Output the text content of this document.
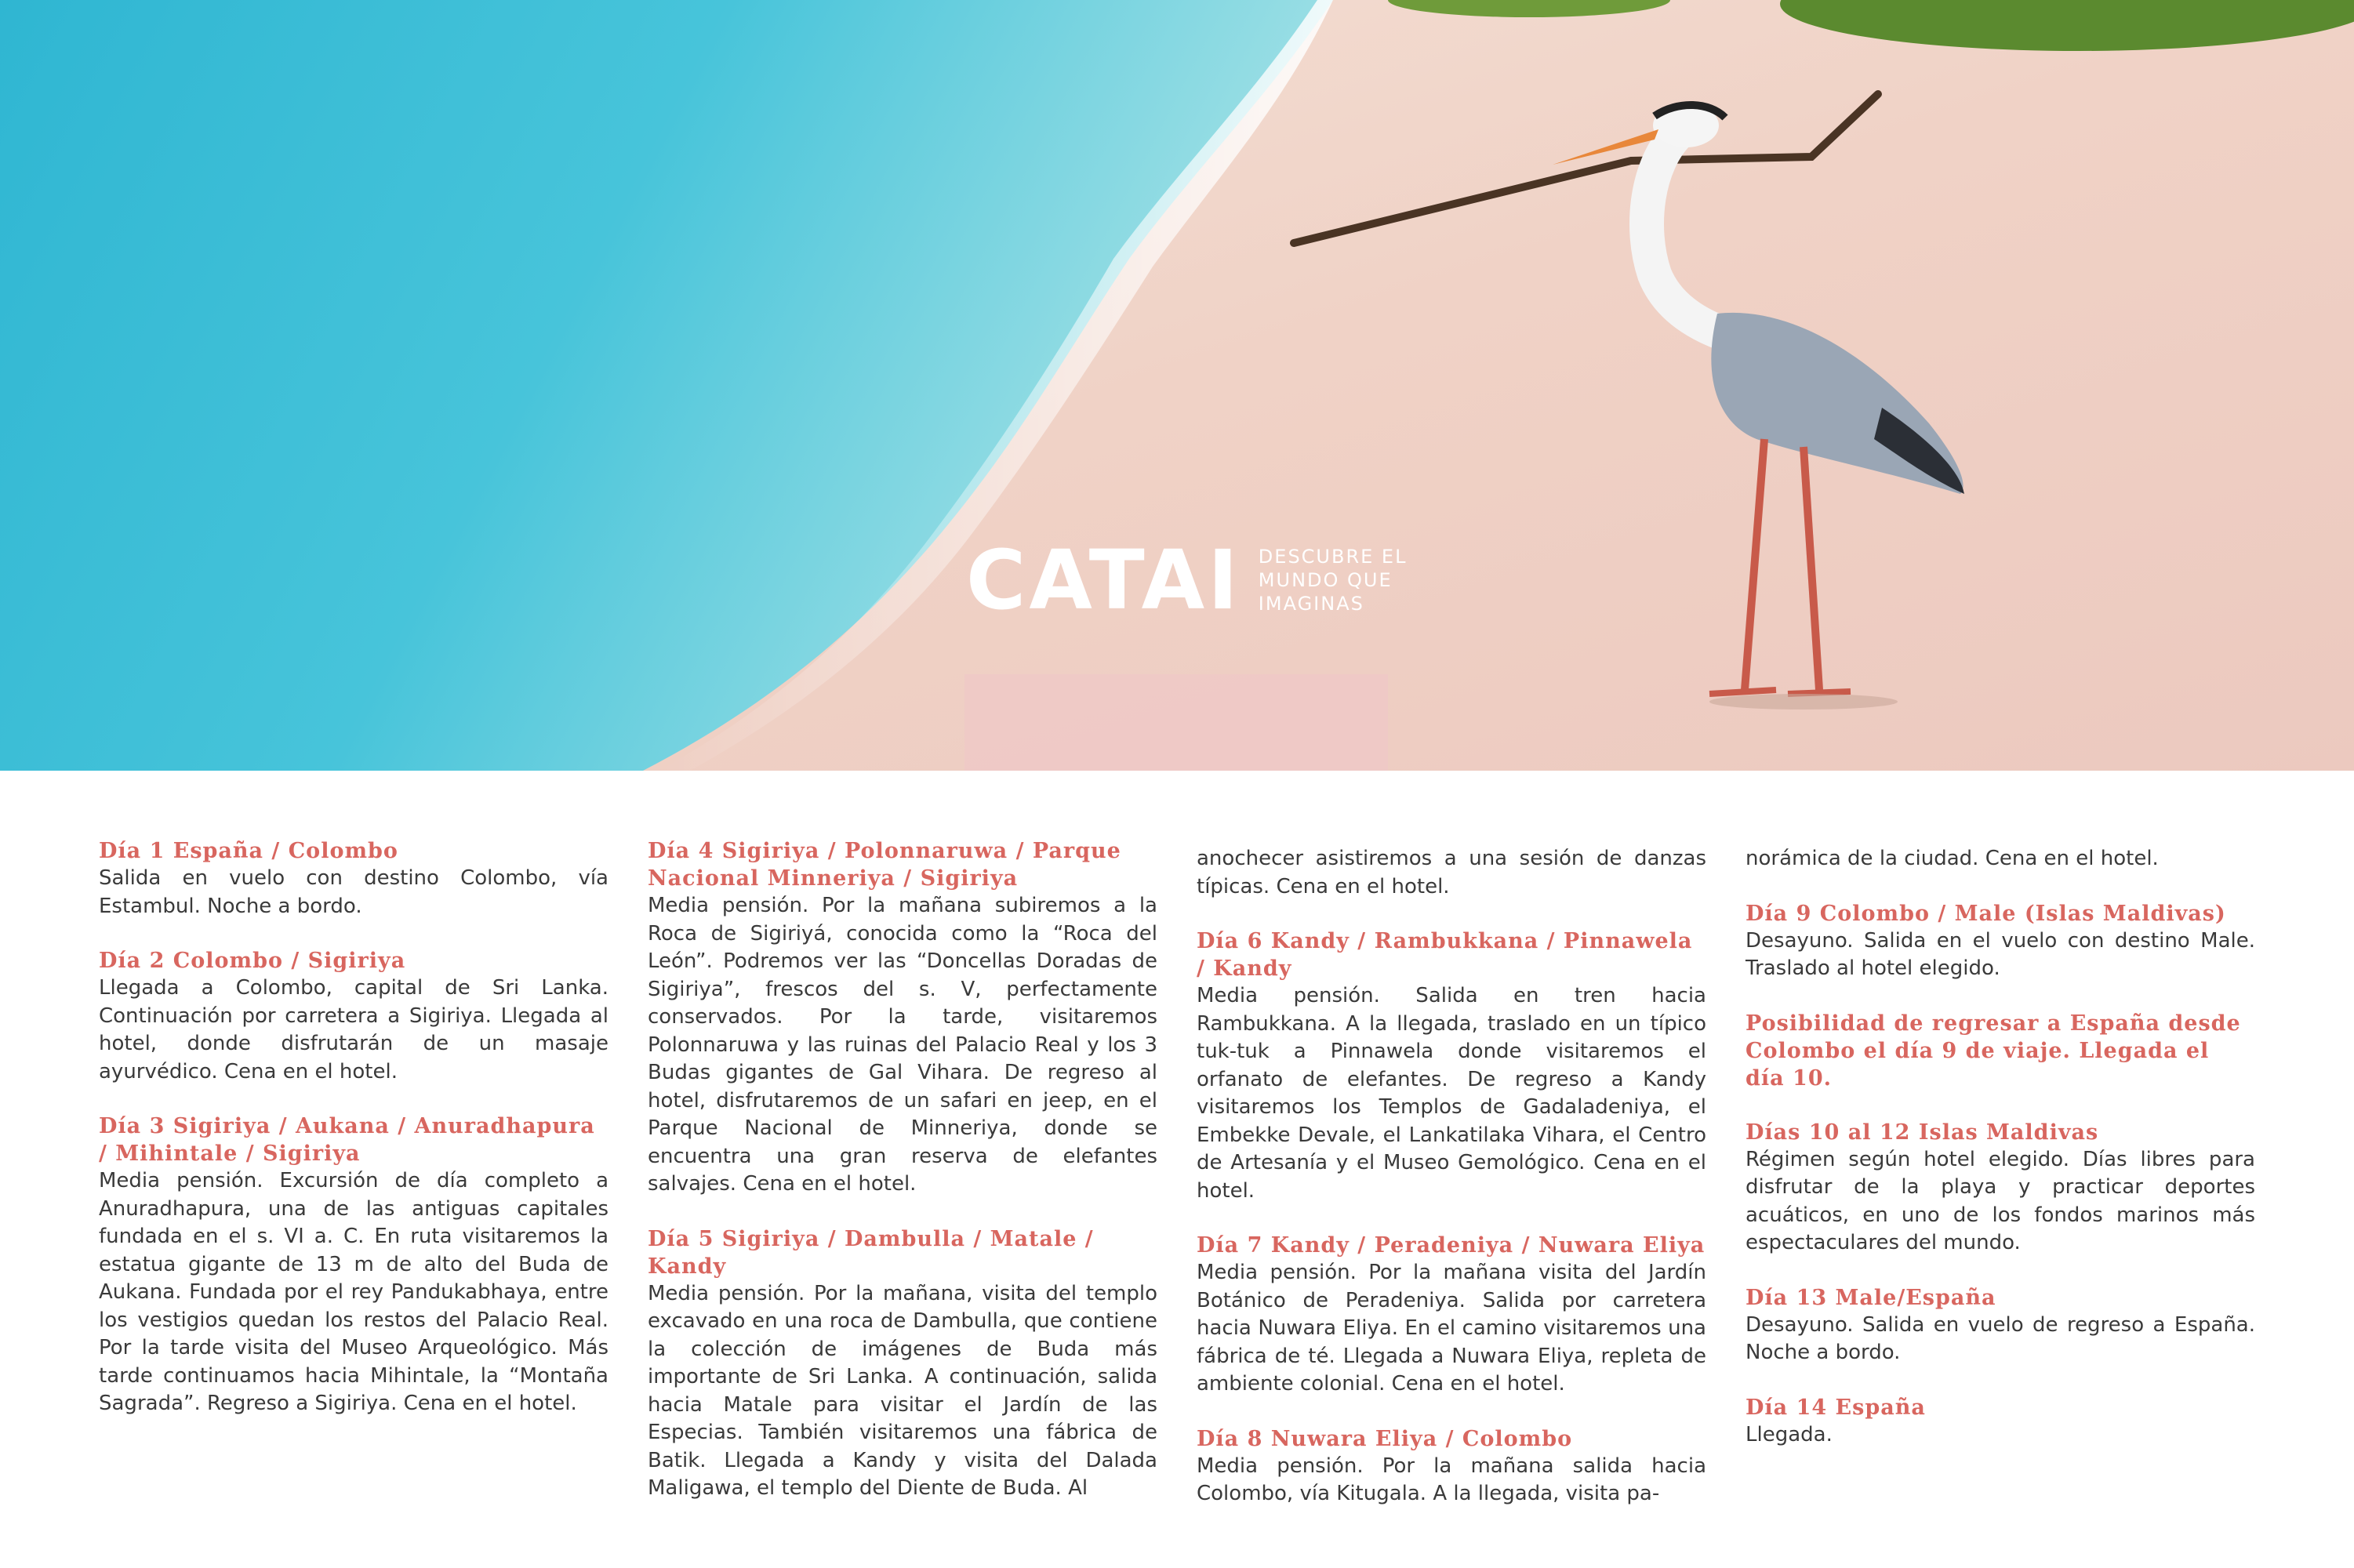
CATAI DESCUBRE EL
MUNDO QUE
IMAGINAS
Día 1 España / Colombo
Salida en vuelo con destino Colombo, vía Estambul. Noche a bordo.
Día 2 Colombo / Sigiriya
Llegada a Colombo, capital de Sri Lanka. Continuación por carretera a Sigiriya. Llegada al hotel, donde disfrutarán de un masaje ayurvédico. Cena en el hotel.
Día 3 Sigiriya / Aukana / Anuradhapura / Mihintale / Sigiriya
Media pensión. Excursión de día completo a Anuradhapura, una de las antiguas capitales fundada en el s. VI a. C. En ruta visitaremos la estatua gigante de 13 m de alto del Buda de Aukana. Fundada por el rey Pandukabhaya, entre los vestigios quedan los restos del Palacio Real. Por la tarde visita del Museo Arqueológico. Más tarde continuamos hacia Mihintale, la “Montaña Sagrada”. Regreso a Sigiriya. Cena en el hotel.
Día 4 Sigiriya / Polonnaruwa / Parque Nacional Minneriya / Sigiriya
Media pensión. Por la mañana subiremos a la Roca de Sigiriyá, conocida como la “Roca del León”. Podremos ver las “Doncellas Doradas de Sigiriya”, frescos del s. V, perfectamente conservados. Por la tarde, visitaremos Polonnaruwa y las ruinas del Palacio Real y los 3 Budas gigantes de Gal Vihara. De regreso al hotel, disfrutaremos de un safari en jeep, en el Parque Nacional de Minneriya, donde se encuentra una gran reserva de elefantes salvajes. Cena en el hotel.
Día 5 Sigiriya / Dambulla / Matale / Kandy
Media pensión. Por la mañana, visita del templo excavado en una roca de Dambulla, que contiene la colección de imágenes de Buda más importante de Sri Lanka. A continuación, salida hacia Matale para visitar el Jardín de las Especias. También visitaremos una fábrica de Batik. Llegada a Kandy y visita del Dalada Maligawa, el templo del Diente de Buda. Al
anochecer asistiremos a una sesión de danzas típicas. Cena en el hotel.
Día 6 Kandy / Rambukkana / Pinnawela / Kandy
Media pensión. Salida en tren hacia Rambukkana. A la llegada, traslado en un típico tuk-tuk a Pinnawela donde visitaremos el orfanato de elefantes. De regreso a Kandy visitaremos los Templos de Gadaladeniya, el Embekke Devale, el Lankatilaka Vihara, el Centro de Artesanía y el Museo Gemológico. Cena en el hotel.
Día 7 Kandy / Peradeniya / Nuwara Eliya
Media pensión. Por la mañana visita del Jardín Botánico de Peradeniya. Salida por carretera hacia Nuwara Eliya. En el camino visitaremos una fábrica de té. Llegada a Nuwara Eliya, repleta de ambiente colonial. Cena en el hotel.
Día 8 Nuwara Eliya / Colombo
Media pensión. Por la mañana salida hacia Colombo, vía Kitugala. A la llegada, visita pa-
norámica de la ciudad. Cena en el hotel.
Día 9 Colombo / Male (Islas Maldivas)
Desayuno. Salida en el vuelo con destino Male. Traslado al hotel elegido.
Posibilidad de regresar a España desde Colombo el día 9 de viaje. Llegada el día 10.
Días 10 al 12 Islas Maldivas
Régimen según hotel elegido. Días libres para disfrutar de la playa y practicar deportes acuáticos, en uno de los fondos marinos más espectaculares del mundo.
Día 13 Male/España
Desayuno. Salida en vuelo de regreso a España. Noche a bordo.
Día 14 España
Llegada.
